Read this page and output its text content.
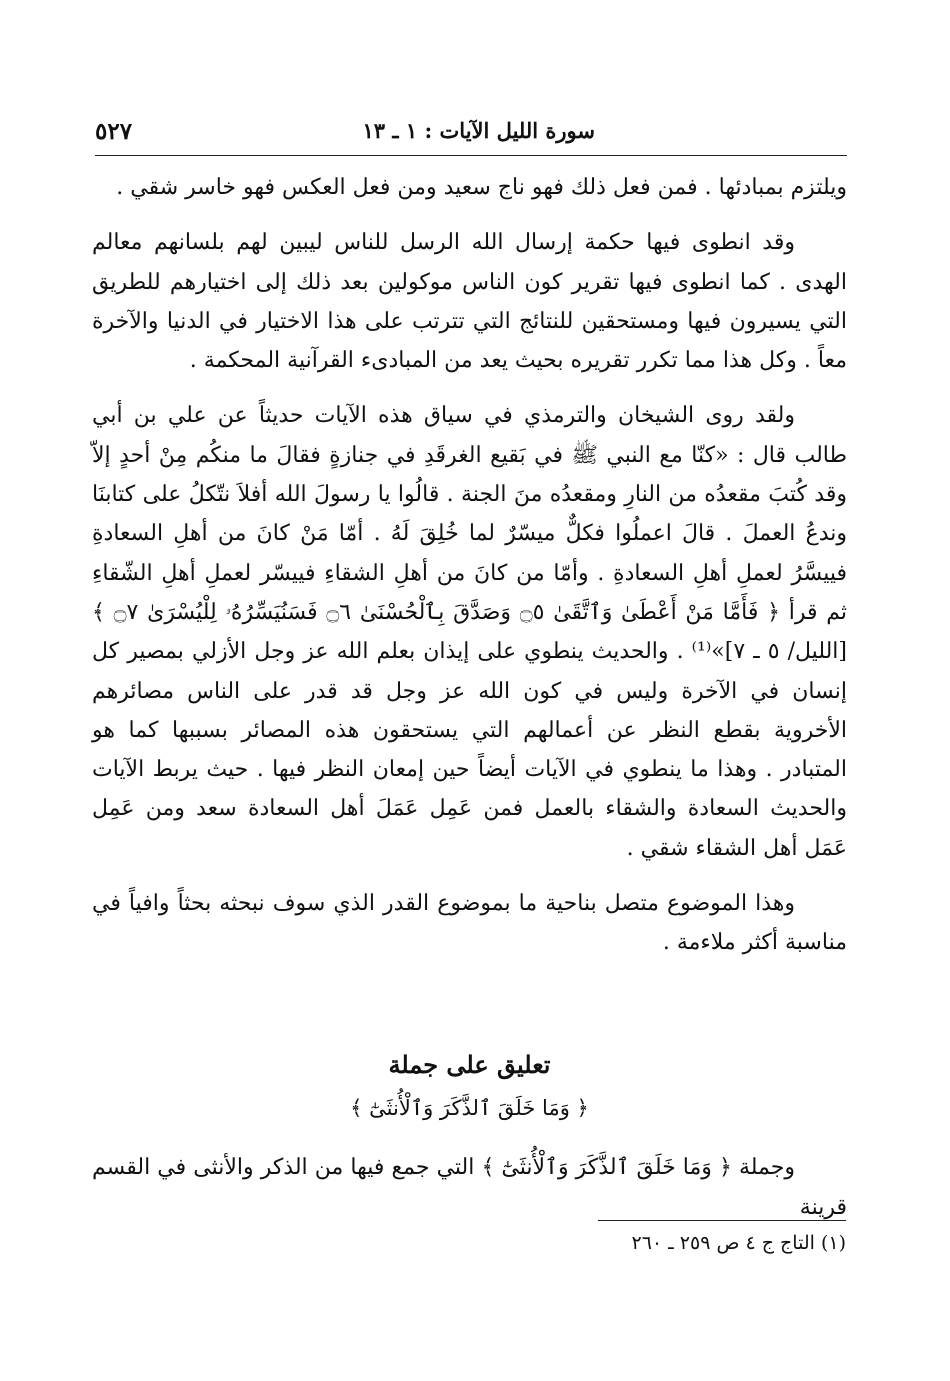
سورة الليل الآيات : ١ ـ ١٣
٥٢٧

ويلتزم بمبادئها . فمن فعل ذلك فهو ناج سعيد ومن فعل العكس فهو خاسر شقي .

وقد انطوى فيها حكمة إرسال الله الرسل للناس ليبين لهم بلسانهم معالم الهدى . كما انطوى فيها تقرير كون الناس موكولين بعد ذلك إلى اختيارهم للطريق التي يسيرون فيها ومستحقين للنتائج التي تترتب على هذا الاختيار في الدنيا والآخرة معاً . وكل هذا مما تكرر تقريره بحيث يعد من المبادىء القرآنية المحكمة .

ولقد روى الشيخان والترمذي في سياق هذه الآيات حديثاً عن علي بن أبي طالب قال : «كنّا مع النبي ﷺ في بَقيع الغرقَدِ في جنازةٍ فقالَ ما منكُم مِنْ أحدٍ إلاّ وقد كُتبَ مقعدُه من النارِ ومقعدُه منَ الجنة . قالُوا يا رسولَ الله أفلاَ نتّكلُ على كتابنَا وندعُ العملَ . قالَ اعملُوا فكلٌّ ميسّرٌ لما خُلِقَ لَهُ . أمّا مَنْ كانَ من أهلِ السعادةِ فييسَّرُ لعملِ أهلِ السعادةِ . وأمّا من كانَ من أهلِ الشقاءِ فييسّر لعملِ أهلِ الشّقاءِ ثم قرأ ﴿ فَأَمَّا مَنْ أَعْطَىٰ وَٱتَّقَىٰ ۝٥ وَصَدَّقَ بِٱلْحُسْنَىٰ ۝٦ فَسَنُيَسِّرُهُۥ لِلْيُسْرَىٰ ۝٧ ﴾ [الليل/ ٥ ـ ٧]»⁽¹⁾ . والحديث ينطوي على إيذان بعلم الله عز وجل الأزلي بمصير كل إنسان في الآخرة وليس في كون الله عز وجل قد قدر على الناس مصائرهم الأخروية بقطع النظر عن أعمالهم التي يستحقون هذه المصائر بسببها كما هو المتبادر . وهذا ما ينطوي في الآيات أيضاً حين إمعان النظر فيها . حيث يربط الآيات والحديث السعادة والشقاء بالعمل فمن عَمِل عَمَلَ أهل السعادة سعد ومن عَمِل عَمَل أهل الشقاء شقي .

وهذا الموضوع متصل بناحية ما بموضوع القدر الذي سوف نبحثه بحثاً وافياً في مناسبة أكثر ملاءمة .

تعليق على جملة
﴿ وَمَا خَلَقَ ٱلذَّكَرَ وَٱلْأُنثَىٰٓ ﴾
وجملة ﴿ وَمَا خَلَقَ ٱلذَّكَرَ وَٱلْأُنثَىٰٓ ﴾ التي جمع فيها من الذكر والأنثى في القسم قرينة
(١) التاج ج ٤ ص ٢٥٩ ـ ٢٦٠
